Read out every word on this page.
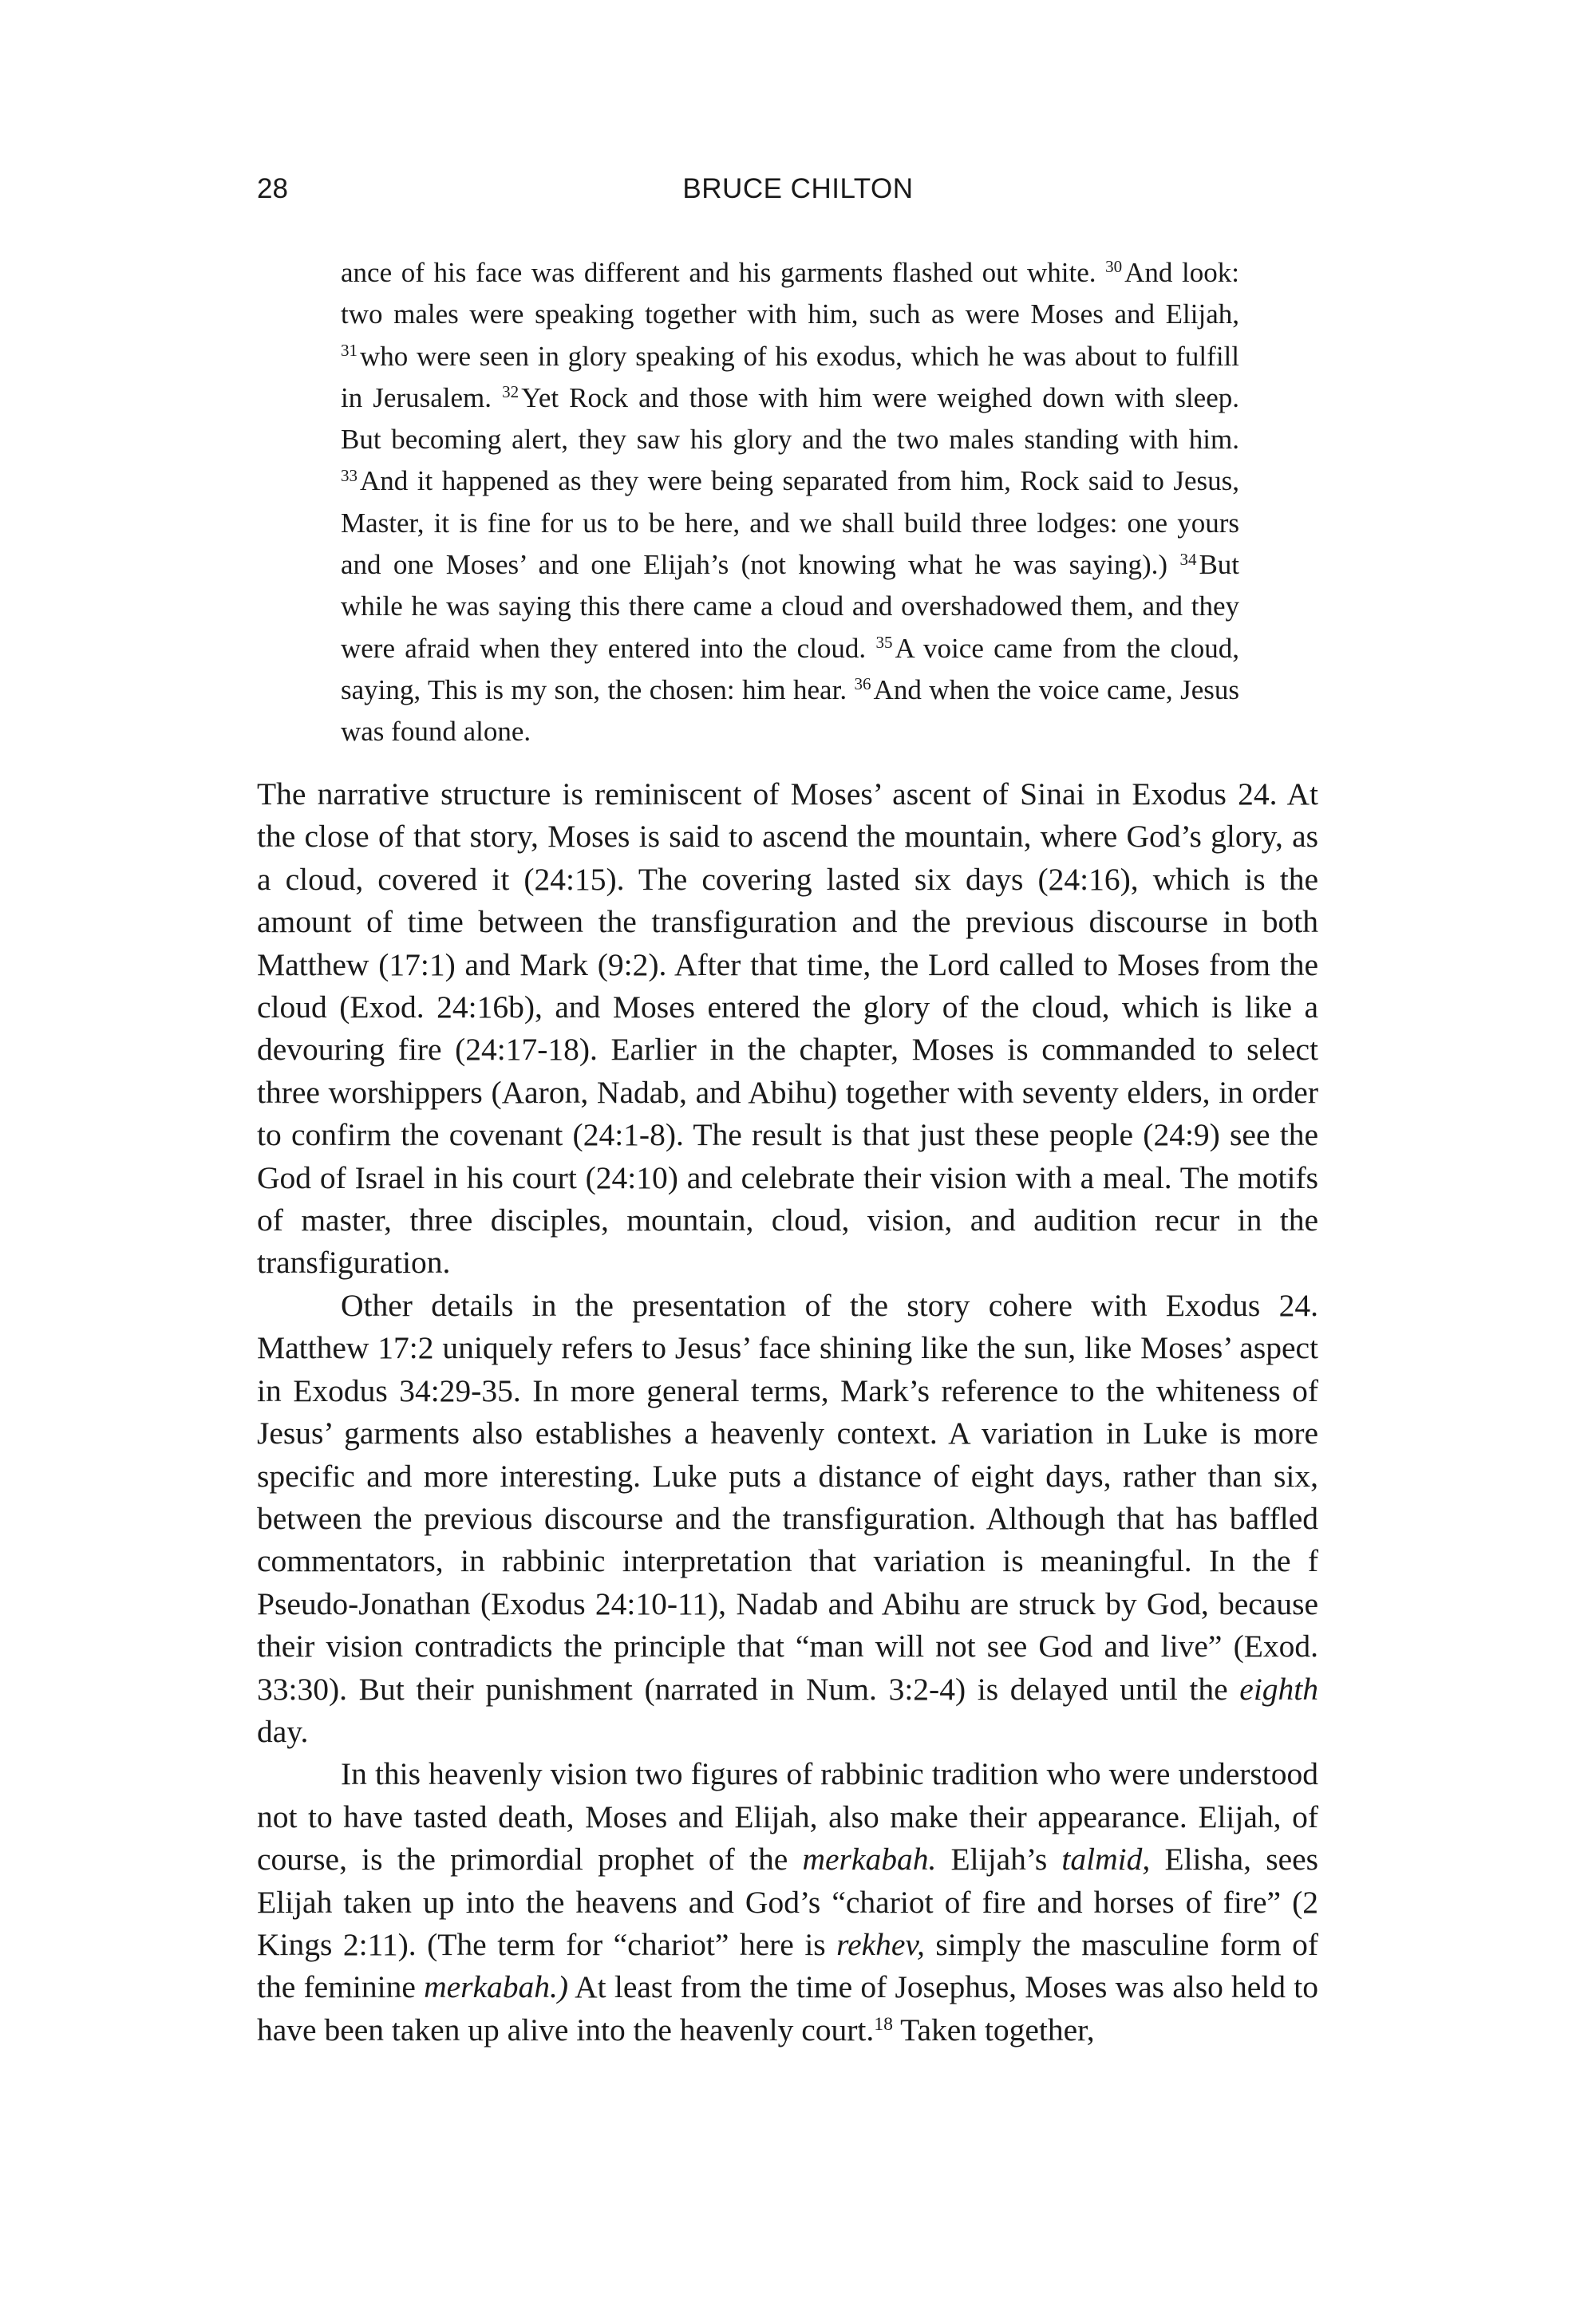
28	BRUCE CHILTON
ance of his face was different and his garments flashed out white. $^{30}$And look: two males were speaking together with him, such as were Moses and Elijah, $^{31}$who were seen in glory speaking of his exodus, which he was about to fulfill in Jerusalem. $^{32}$Yet Rock and those with him were weighed down with sleep. But becoming alert, they saw his glory and the two males standing with him. $^{33}$And it happened as they were being separated from him, Rock said to Jesus, Master, it is fine for us to be here, and we shall build three lodges: one yours and one Moses’ and one Elijah’s (not knowing what he was saying).) $^{34}$But while he was saying this there came a cloud and overshadowed them, and they were afraid when they entered into the cloud. $^{35}$A voice came from the cloud, saying, This is my son, the chosen: him hear. $^{36}$And when the voice came, Jesus was found alone.

The narrative structure is reminiscent of Moses’ ascent of Sinai in Exodus 24. At the close of that story, Moses is said to ascend the mountain, where God’s glory, as a cloud, covered it (24:15). The covering lasted six days (24:16), which is the amount of time between the transfiguration and the previous discourse in both Matthew (17:1) and Mark (9:2). After that time, the Lord called to Moses from the cloud (Exod. 24:16b), and Moses entered the glory of the cloud, which is like a devouring fire (24:17-18). Earlier in the chapter, Moses is commanded to select three worshippers (Aaron, Nadab, and Abihu) together with seventy elders, in order to confirm the covenant (24:1-8). The result is that just these people (24:9) see the God of Israel in his court (24:10) and celebrate their vision with a meal. The motifs of master, three disciples, mountain, cloud, vision, and audition recur in the transfiguration.

Other details in the presentation of the story cohere with Exodus 24. Matthew 17:2 uniquely refers to Jesus’ face shining like the sun, like Moses’ aspect in Exodus 34:29-35. In more general terms, Mark’s reference to the whiteness of Jesus’ garments also establishes a heavenly context. A variation in Luke is more specific and more interesting. Luke puts a distance of eight days, rather than six, between the previous discourse and the transfiguration. Although that has baffled commentators, in rabbinic interpretation that variation is meaningful. In the f Pseudo-Jonathan (Exodus 24:10-11), Nadab and Abihu are struck by God, because their vision contradicts the principle that “man will not see God and live” (Exod. 33:30). But their punishment (narrated in Num. 3:2-4) is delayed until the eighth day.

In this heavenly vision two figures of rabbinic tradition who were understood not to have tasted death, Moses and Elijah, also make their appearance. Elijah, of course, is the primordial prophet of the merkabah. Elijah’s talmid, Elisha, sees Elijah taken up into the heavens and God’s “chariot of fire and horses of fire” (2 Kings 2:11). (The term for “chariot” here is rekhev, simply the masculine form of the feminine merkabah.) At least from the time of Josephus, Moses was also held to have been taken up alive into the heavenly court.$^{18}$ Taken together,
